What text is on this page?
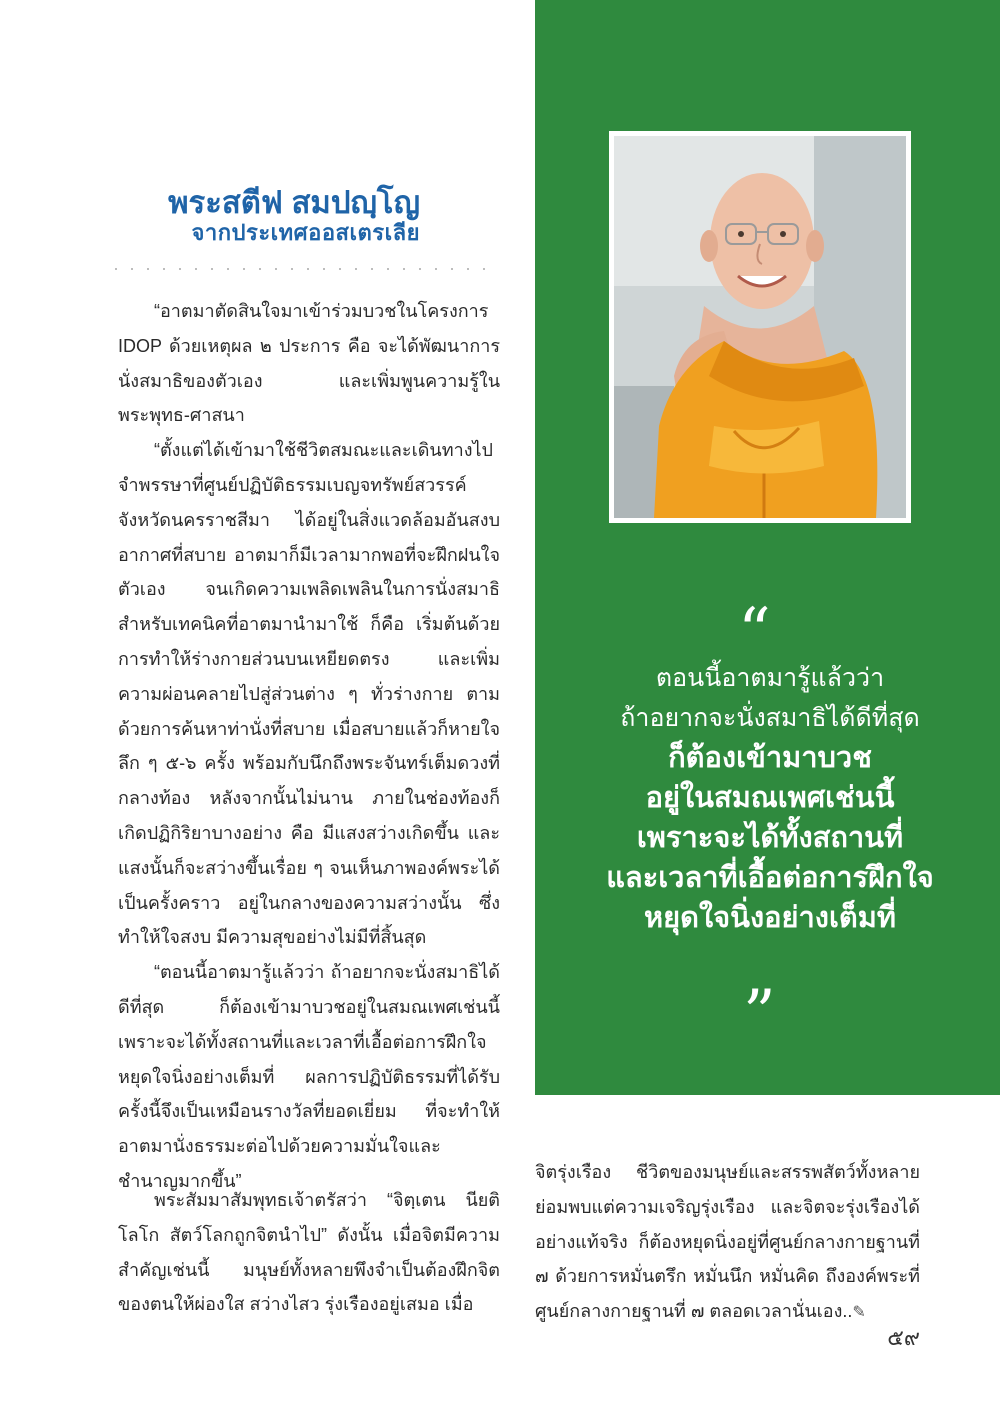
พระสตีฟ สมปญฺโญ
จากประเทศออสเตรเลีย

“อาตมาตัดสินใจมาเข้าร่วมบวชในโครงการ

IDOP ด้วยเหตุผล ๒ ประการ คือ จะได้พัฒนาการนั่งสมาธิของตัวเอง และเพิ่มพูนความรู้ในพระพุทธ-ศาสนา

“ตั้งแต่ได้เข้ามาใช้ชีวิตสมณะและเดินทางไปจำพรรษาที่ศูนย์ปฏิบัติธรรมเบญจทรัพย์สวรรค์ จังหวัดนครราชสีมา ได้อยู่ในสิ่งแวดล้อมอันสงบ อากาศที่สบาย อาตมาก็มีเวลามากพอที่จะฝึกฝนใจตัวเอง จนเกิดความเพลิดเพลินในการนั่งสมาธิ สำหรับเทคนิคที่อาตมานำมาใช้ ก็คือ เริ่มต้นด้วยการทำให้ร่างกายส่วนบนเหยียดตรง และเพิ่มความผ่อนคลายไปสู่ส่วนต่าง ๆ ทั่วร่างกาย ตามด้วยการค้นหาท่านั่งที่สบาย เมื่อสบายแล้วก็หายใจลึก ๆ ๕-๖ ครั้ง พร้อมกับนึกถึงพระจันทร์เต็มดวงที่กลางท้อง หลังจากนั้นไม่นาน ภายในช่องท้องก็เกิดปฏิกิริยาบางอย่าง คือ มีแสงสว่างเกิดขึ้น และแสงนั้นก็จะสว่างขึ้นเรื่อย ๆ จนเห็นภาพองค์พระได้เป็นครั้งคราว อยู่ในกลางของความสว่างนั้น ซึ่งทำให้ใจสงบ มีความสุขอย่างไม่มีที่สิ้นสุด

“ตอนนี้อาตมารู้แล้วว่า ถ้าอยากจะนั่งสมาธิได้ดีที่สุด ก็ต้องเข้ามาบวชอยู่ในสมณเพศเช่นนี้ เพราะจะได้ทั้งสถานที่และเวลาที่เอื้อต่อการฝึกใจ หยุดใจนิ่งอย่างเต็มที่ ผลการปฏิบัติธรรมที่ได้รับครั้งนี้จึงเป็นเหมือนรางวัลที่ยอดเยี่ยม ที่จะทำให้อาตมานั่งธรรมะต่อไปด้วยความมั่นใจและชำนาญมากขึ้น”

พระสัมมาสัมพุทธเจ้าตรัสว่า “จิตฺเตน นียติ โลโก สัตว์โลกถูกจิตนำไป” ดังนั้น เมื่อจิตมีความสำคัญเช่นนี้ มนุษย์ทั้งหลายพึงจำเป็นต้องฝึกจิตของตนให้ผ่องใส สว่างไสว รุ่งเรืองอยู่เสมอ เมื่อ

“
ตอนนี้อาตมารู้แล้วว่า
ถ้าอยากจะนั่งสมาธิได้ดีที่สุด
ก็ต้องเข้ามาบวช
อยู่ในสมณเพศเช่นนี้
เพราะจะได้ทั้งสถานที่
และเวลาที่เอื้อต่อการฝึกใจ
หยุดใจนิ่งอย่างเต็มที่
”

จิตรุ่งเรือง ชีวิตของมนุษย์และสรรพสัตว์ทั้งหลายย่อมพบแต่ความเจริญรุ่งเรือง และจิตจะรุ่งเรืองได้อย่างแท้จริง ก็ต้องหยุดนิ่งอยู่ที่ศูนย์กลางกายฐานที่ ๗ ด้วยการหมั่นตรึก หมั่นนึก หมั่นคิด ถึงองค์พระที่ศูนย์กลางกายฐานที่ ๗ ตลอดเวลานั่นเอง..✎

๕๙
